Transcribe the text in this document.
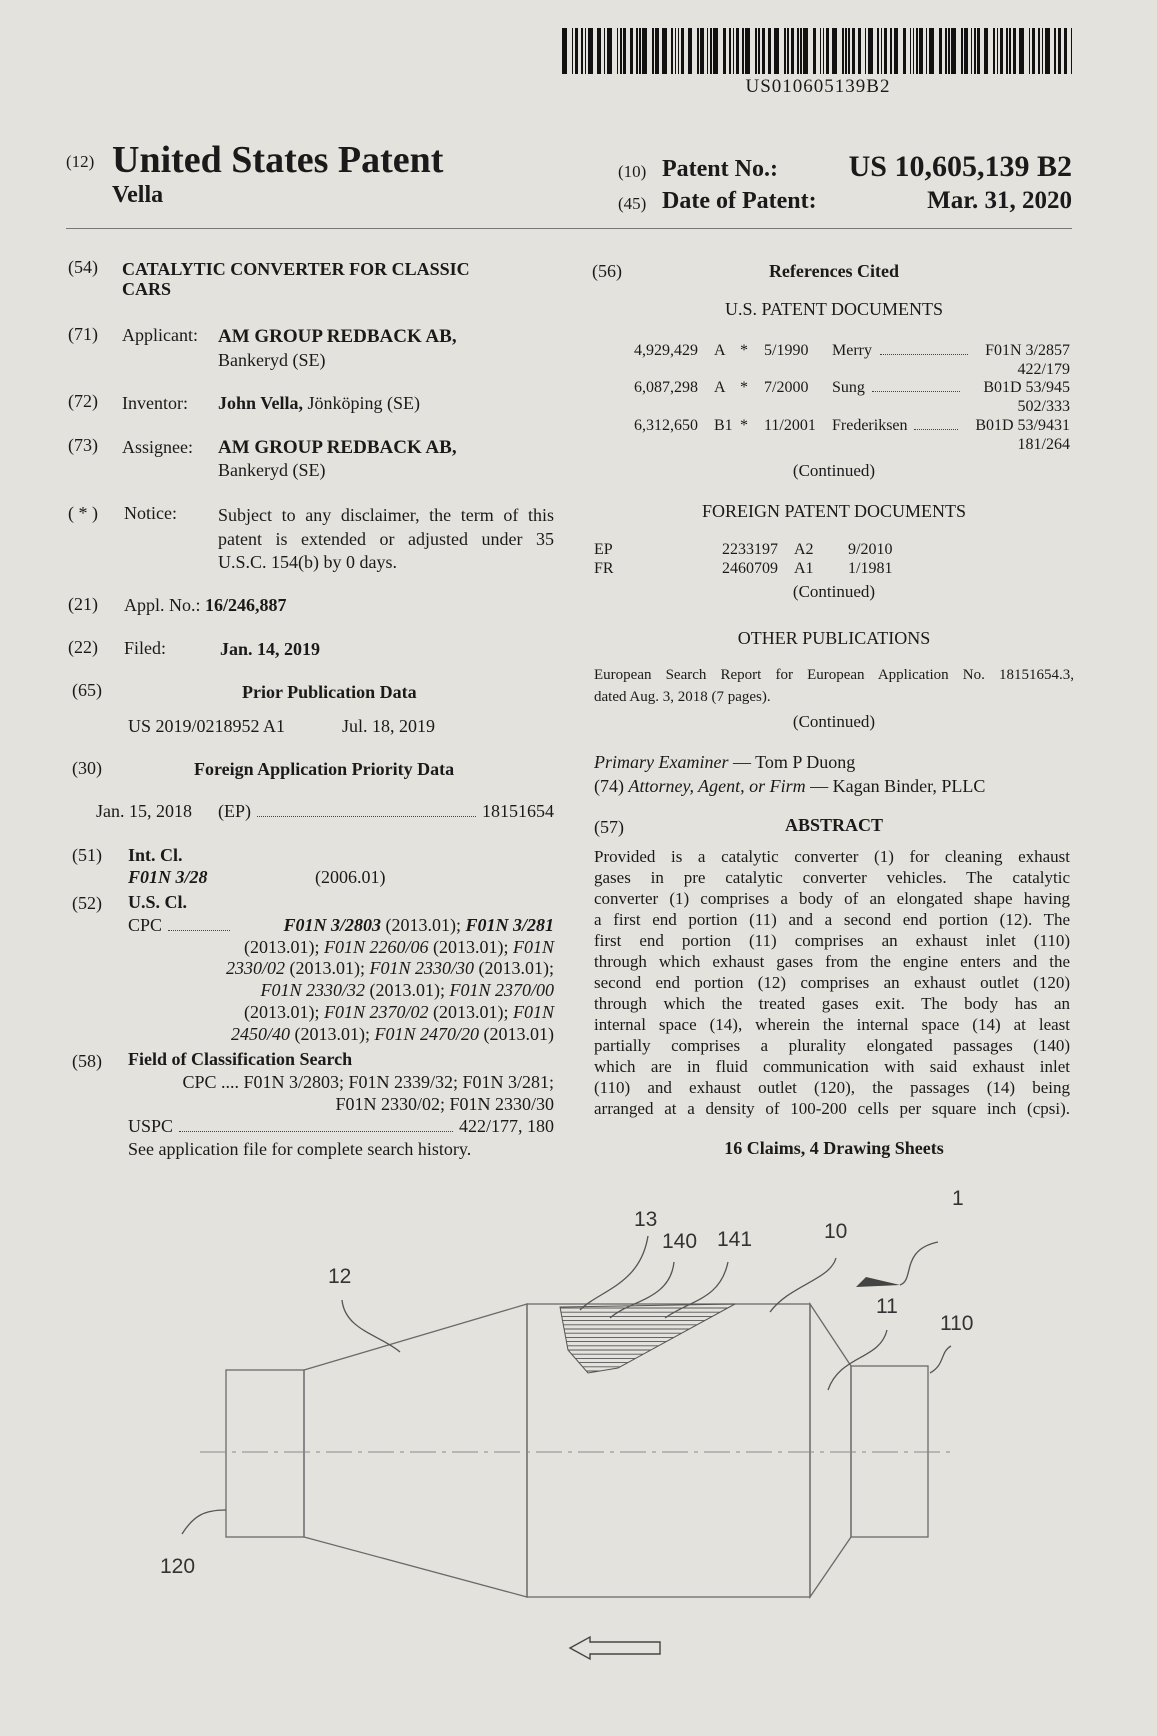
US010605139B2
(12) United States Patent
Vella
(10) Patent No.:	US 10,605,139 B2
(45) Date of Patent:	Mar. 31, 2020
(54) CATALYTIC CONVERTER FOR CLASSIC
CARS
(71) Applicant: AM GROUP REDBACK AB,
Bankeryd (SE)
(72) Inventor: John Vella, Jönköping (SE)
(73) Assignee: AM GROUP REDBACK AB,
Bankeryd (SE)
( * ) Notice: Subject to any disclaimer, the term of this
patent is extended or adjusted under 35
U.S.C. 154(b) by 0 days.
(21) Appl. No.: 16/246,887
(22) Filed:	Jan. 14, 2019
(65)	Prior Publication Data
US 2019/0218952 A1	Jul. 18, 2019
(30)	Foreign Application Priority Data
Jan. 15, 2018 (EP)	18151654
(51) Int. Cl.
F01N 3/28	(2006.01)
(52) U.S. Cl.
CPC	F01N 3/2803 (2013.01); F01N 3/281
(2013.01); F01N 2260/06 (2013.01); F01N
2330/02 (2013.01); F01N 2330/30 (2013.01);
F01N 2330/32 (2013.01); F01N 2370/00
(2013.01); F01N 2370/02 (2013.01); F01N
2450/40 (2013.01); F01N 2470/20 (2013.01)
(58) Field of Classification Search
CPC .... F01N 3/2803; F01N 2339/32; F01N 3/281;
F01N 2330/02; F01N 2330/30
USPC	422/177, 180
See application file for complete search history.
(56)	References Cited
U.S. PATENT DOCUMENTS
4,929,429 A * 5/1990 Merry	F01N 3/2857
422/179
6,087,298 A * 7/2000 Sung	B01D 53/945
502/333
6,312,650 B1 * 11/2001 Frederiksen	B01D 53/9431
181/264
(Continued)
FOREIGN PATENT DOCUMENTS
EP	2233197 A2 9/2010
FR	2460709 A1 1/1981
(Continued)
OTHER PUBLICATIONS
European Search Report for European Application No. 18151654.3,
dated Aug. 3, 2018 (7 pages).
(Continued)
Primary Examiner — Tom P Duong
(74) Attorney, Agent, or Firm — Kagan Binder, PLLC
(57)	ABSTRACT
Provided is a catalytic converter (1) for cleaning exhaust
gases in pre catalytic converter vehicles. The catalytic
converter (1) comprises a body of an elongated shape having
a first end portion (11) and a second end portion (12). The
first end portion (11) comprises an exhaust inlet (110)
through which exhaust gases from the engine enters and the
second end portion (12) comprises an exhaust outlet (120)
through which the treated gases exit. The body has an
internal space (14), wherein the internal space (14) at least
partially comprises a plurality elongated passages (140)
which are in fluid communication with said exhaust inlet
(110) and exhaust outlet (120), the passages (14) being
arranged at a density of 100-200 cells per square inch (cpsi).
16 Claims, 4 Drawing Sheets
1
10
11
12
13
110
120
140 141
